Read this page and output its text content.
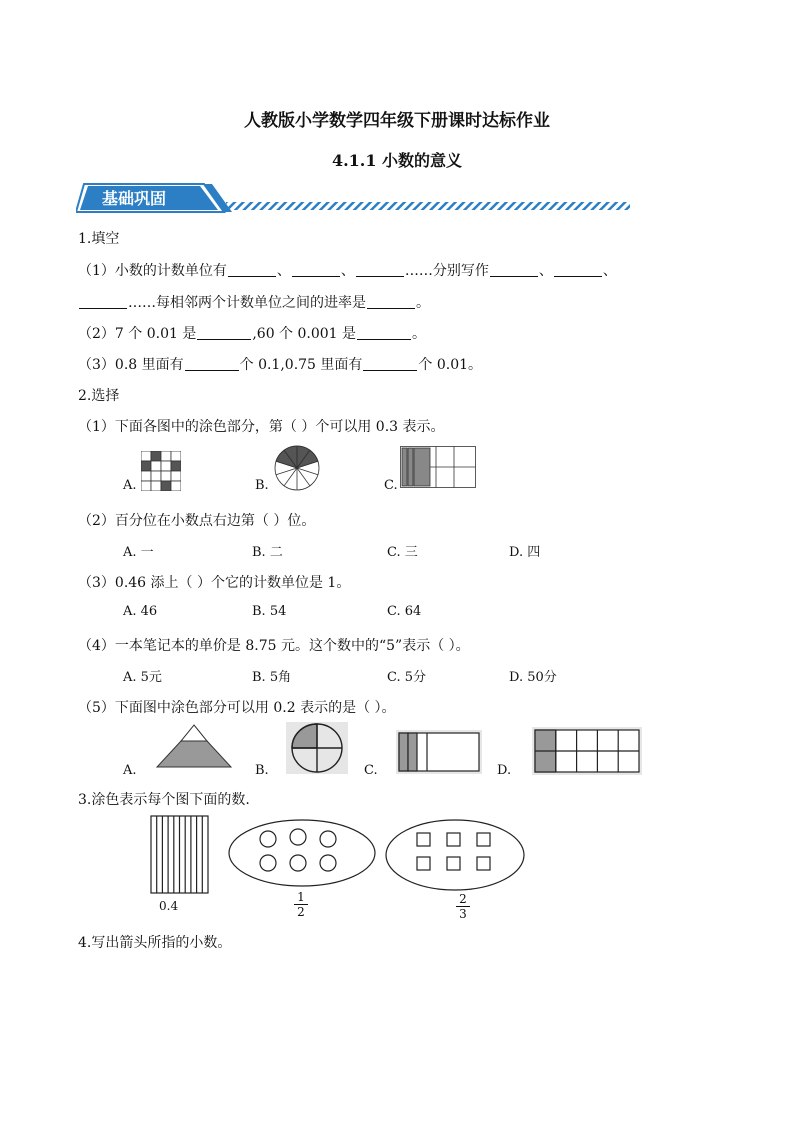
人教版小学数学四年级下册课时达标作业
4.1.1 小数的意义
基础巩固
1.填空
（1）小数的计数单位有	、	、	……分别写作	、	、
……每相邻两个计数单位之间的进率是	。
（2）7 个 0.01 是	,60 个 0.001 是	。
（3）0.8 里面有	个 0.1,0.75 里面有	个 0.01。
2.选择
（1）下面各图中的涂色部分，第（ ）个可以用 0.3 表示。
A.	B.	C.
（2）百分位在小数点右边第（ ）位。
A. 一	B. 二	C. 三	D. 四
（3）0.46 添上（ ）个它的计数单位是 1。
A. 46	B. 54	C. 64
（4）一本笔记本的单价是 8.75 元。这个数中的“5”表示（ ）。
A. 5元	B. 5角	C. 5分	D. 50分
（5）下面图中涂色部分可以用 0.2 表示的是（ ）。
A.	B.	C.	D.
3.涂色表示每个图下面的数.
0.4
1
2
2
3
4.写出箭头所指的小数。
